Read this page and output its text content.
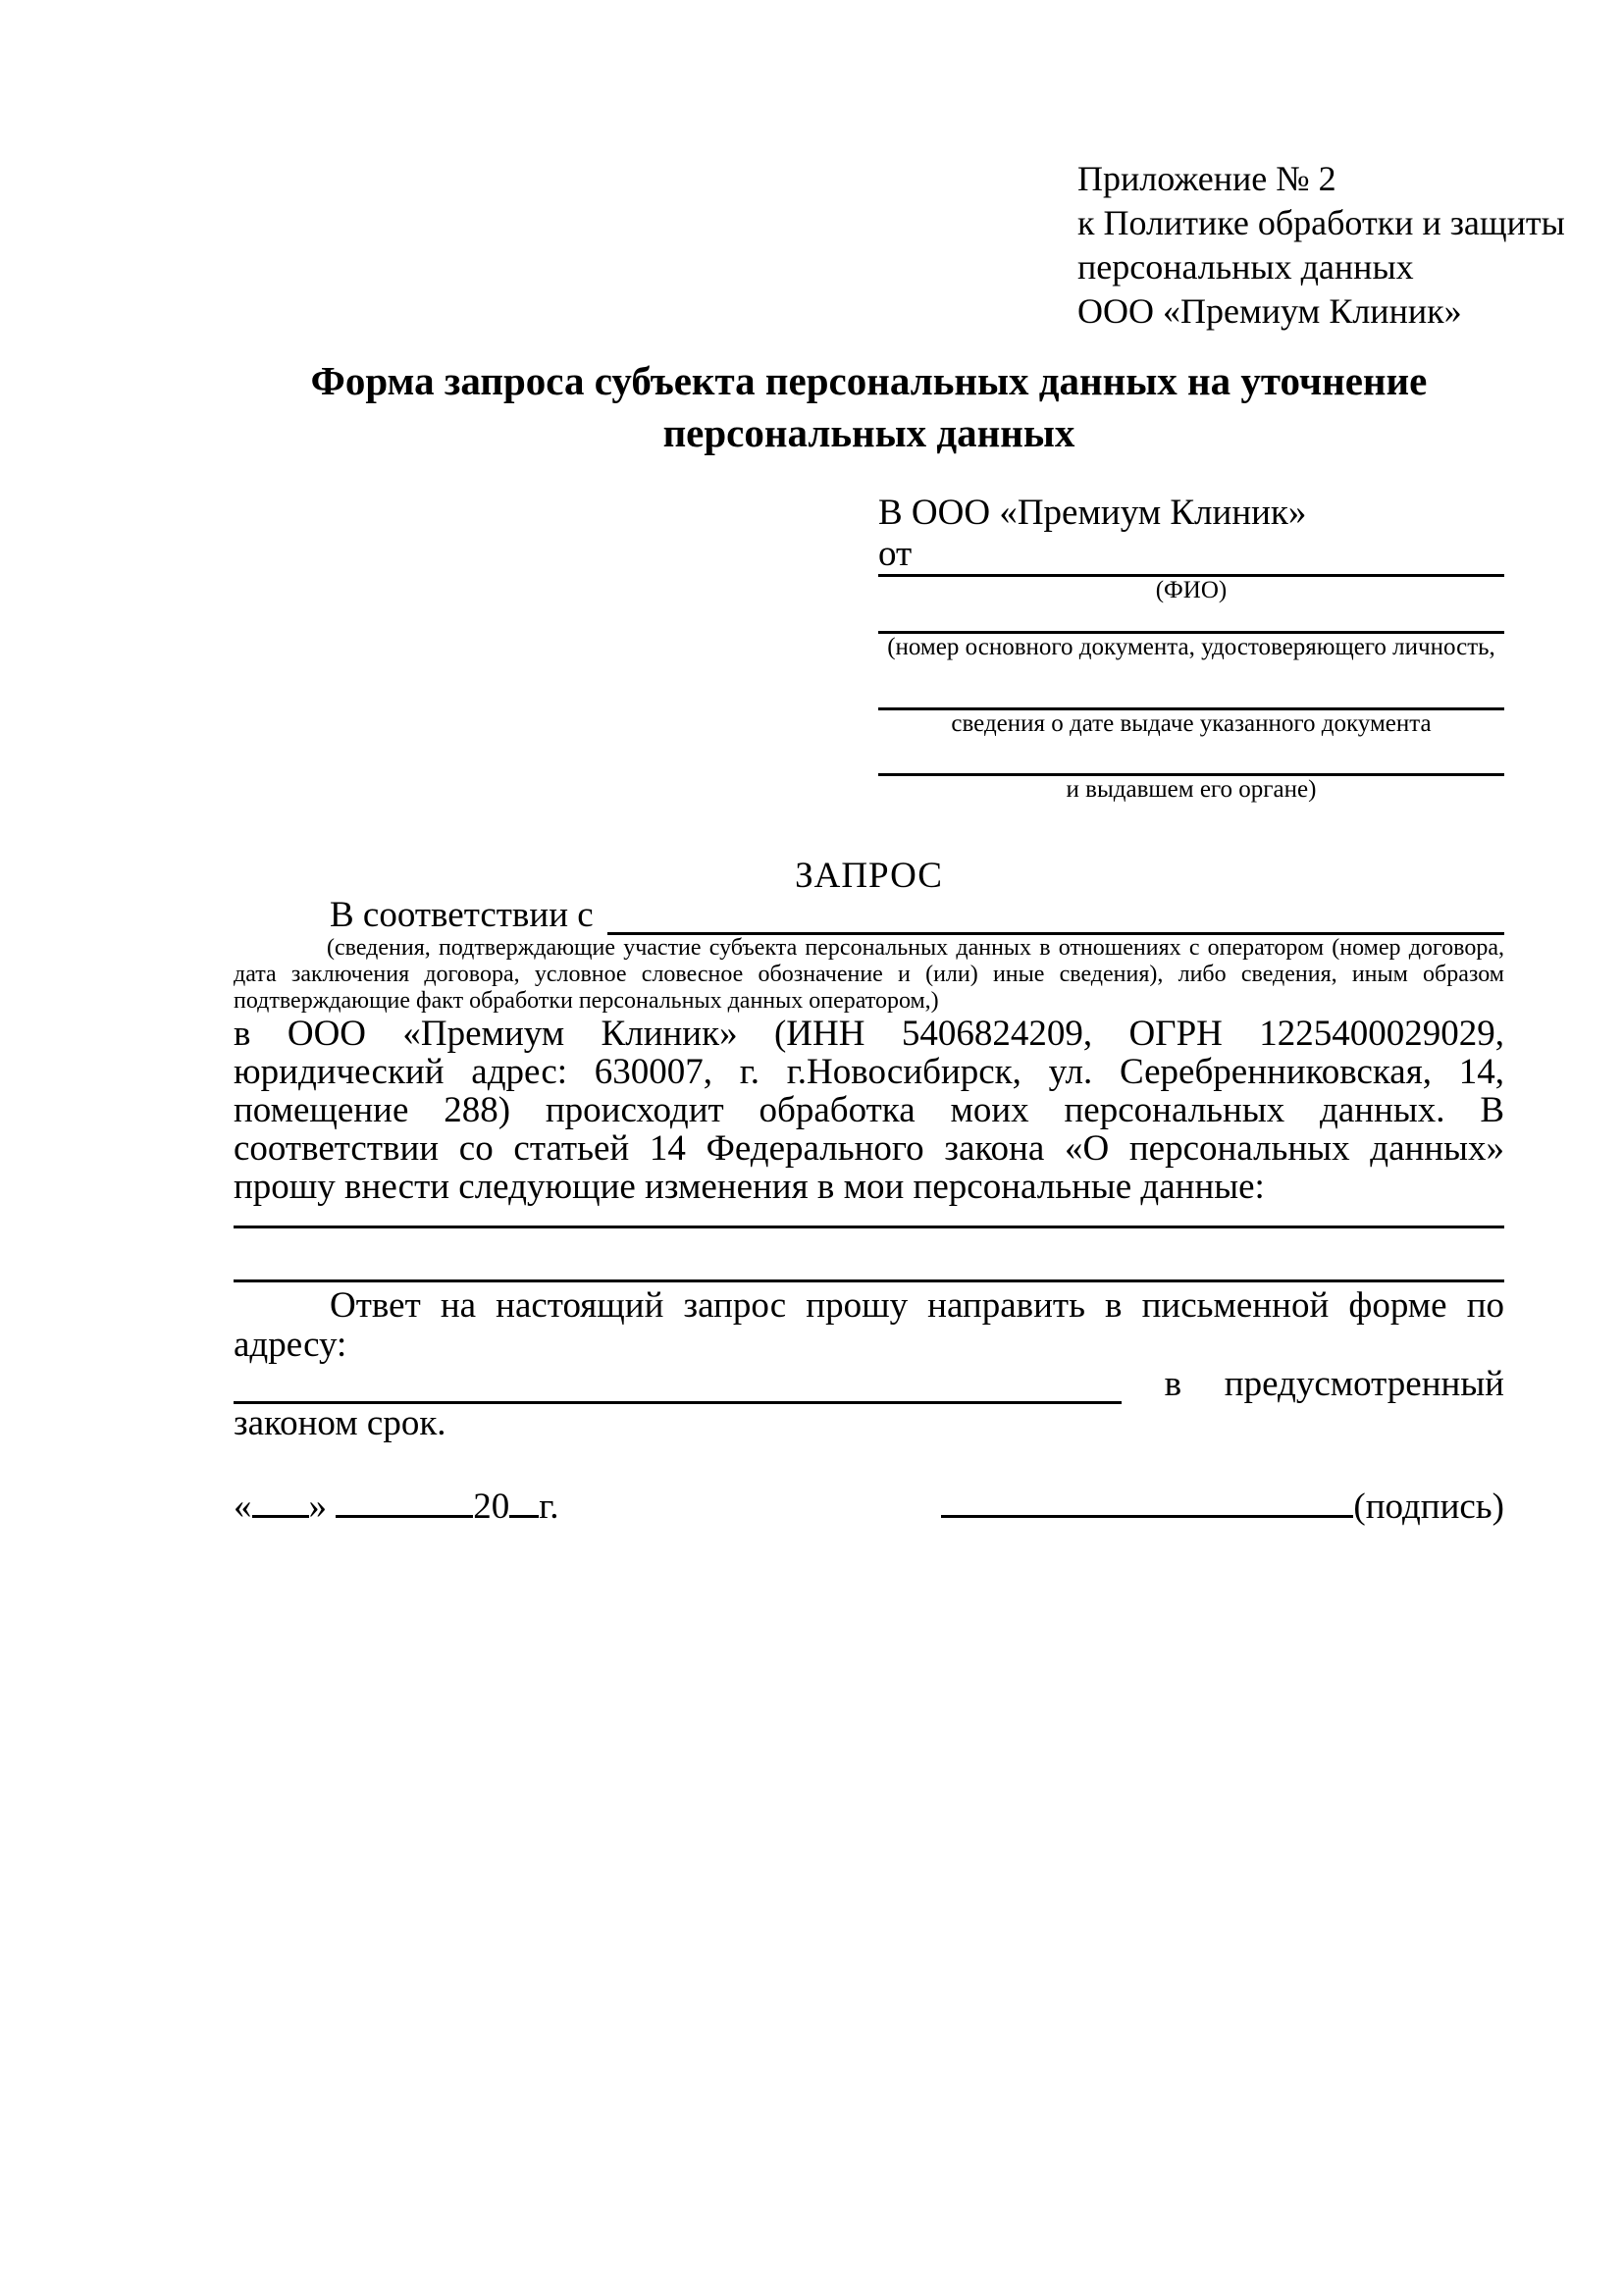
Приложение № 2
к Политике обработки и защиты
персональных данных
ООО «Премиум Клиник»
Форма запроса субъекта персональных данных на уточнение персональных данных
В ООО «Премиум Клиник»
от
(ФИО)
(номер основного документа, удостоверяющего личность,
сведения о дате выдаче указанного документа
и выдавшем его органе)
ЗАПРОС
В соответствии с
(сведения, подтверждающие участие субъекта персональных данных в отношениях с оператором (номер договора, дата заключения договора, условное словесное обозначение и (или) иные сведения), либо сведения, иным образом подтверждающие факт обработки персональных данных оператором,)
в ООО «Премиум Клиник» (ИНН 5406824209, ОГРН 1225400029029, юридический адрес: 630007, г. г.Новосибирск, ул. Серебренниковская, 14, помещение 288) происходит обработка моих персональных данных. В соответствии со статьей 14 Федерального закона «О персональных данных» прошу внести следующие изменения в мои персональные данные:
Ответ на настоящий запрос прошу направить в письменной форме по адресу:
в предусмотренный
законом срок.
« »	20 г.	(подпись)
